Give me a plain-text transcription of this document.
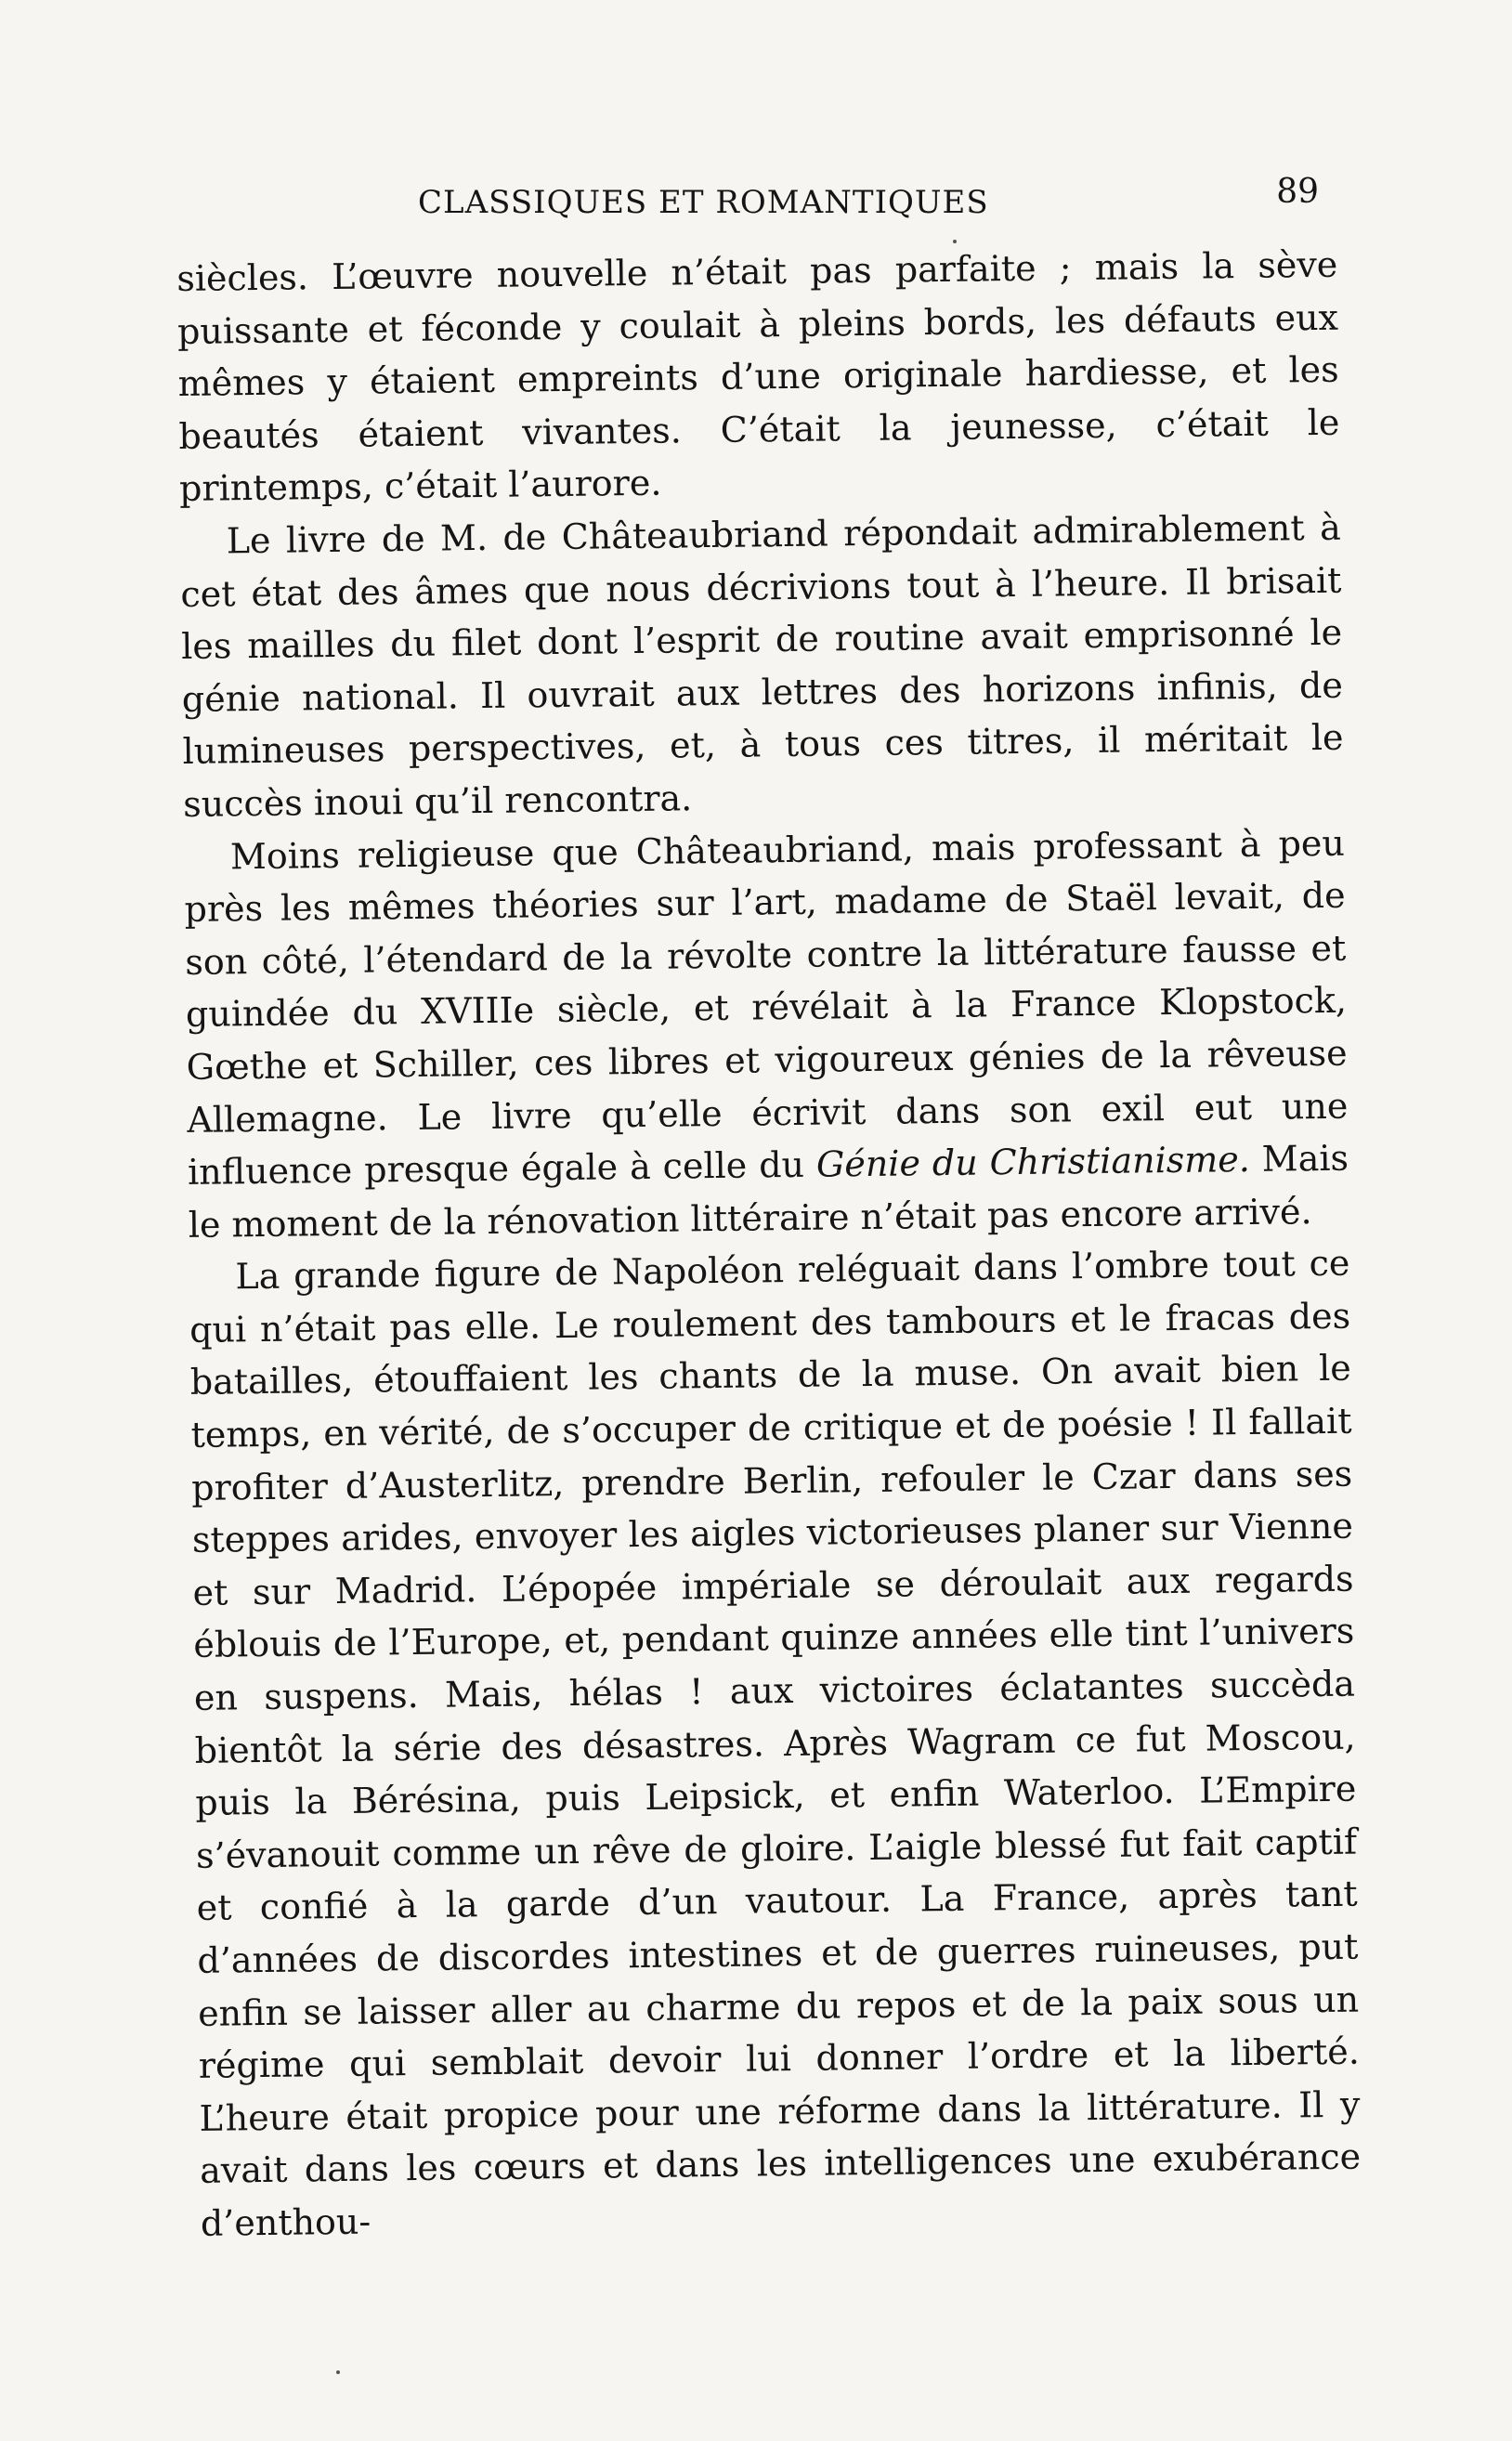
CLASSIQUES ET ROMANTIQUES	89

siècles. L’œuvre nouvelle n’était pas parfaite ; mais la sève puissante et féconde y coulait à pleins bords, les défauts eux mêmes y étaient empreints d’une originale hardiesse, et les beautés étaient vivantes. C’était la jeunesse, c’était le printemps, c’était l’aurore.

Le livre de M. de Châteaubriand répondait admirablement à cet état des âmes que nous décrivions tout à l’heure. Il brisait les mailles du filet dont l’esprit de routine avait emprisonné le génie national. Il ouvrait aux lettres des horizons infinis, de lumineuses perspectives, et, à tous ces titres, il méritait le succès inoui qu’il rencontra.

Moins religieuse que Châteaubriand, mais professant à peu près les mêmes théories sur l’art, madame de Staël levait, de son côté, l’étendard de la révolte contre la littérature fausse et guindée du XVIIIe siècle, et révélait à la France Klopstock, Gœthe et Schiller, ces libres et vigoureux génies de la rêveuse Allemagne. Le livre qu’elle écrivit dans son exil eut une influence presque égale à celle du Génie du Christianisme. Mais le moment de la rénovation littéraire n’était pas encore arrivé.

La grande figure de Napoléon reléguait dans l’ombre tout ce qui n’était pas elle. Le roulement des tambours et le fracas des batailles, étouffaient les chants de la muse. On avait bien le temps, en vérité, de s’occuper de critique et de poésie ! Il fallait profiter d’Austerlitz, prendre Berlin, refouler le Czar dans ses steppes arides, envoyer les aigles victorieuses planer sur Vienne et sur Madrid. L’épopée impériale se déroulait aux regards éblouis de l’Europe, et, pendant quinze années elle tint l’univers en suspens. Mais, hélas ! aux victoires éclatantes succèda bientôt la série des désastres. Après Wagram ce fut Moscou, puis la Bérésina, puis Leipsick, et enfin Waterloo. L’Empire s’évanouit comme un rêve de gloire. L’aigle blessé fut fait captif et confié à la garde d’un vautour. La France, après tant d’années de discordes intestines et de guerres ruineuses, put enfin se laisser aller au charme du repos et de la paix sous un régime qui semblait devoir lui donner l’ordre et la liberté. L’heure était propice pour une réforme dans la littérature. Il y avait dans les cœurs et dans les intelligences une exubérance d’enthou-
